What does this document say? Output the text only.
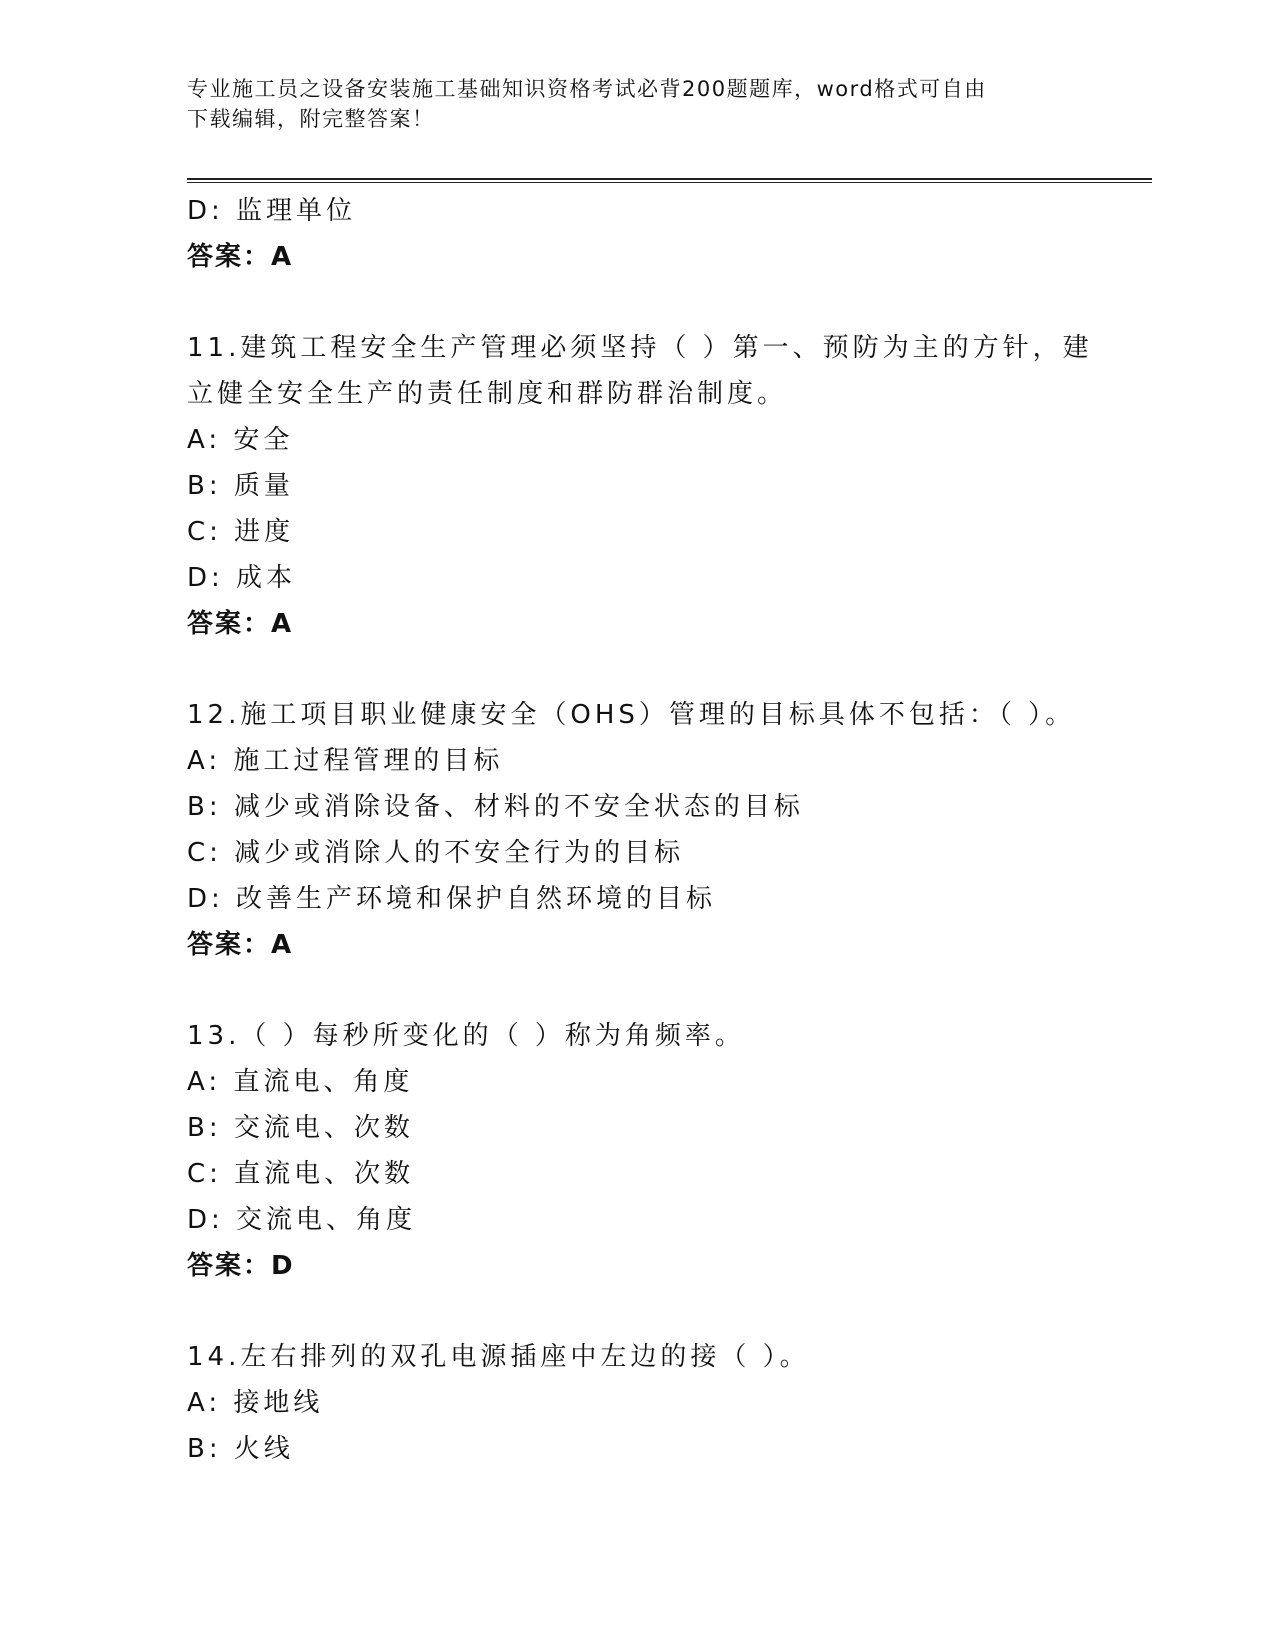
专业施工员之设备安装施工基础知识资格考试必背200题题库，word格式可自由
下载编辑，附完整答案！
D: 监理单位
答案：A
11.建筑工程安全生产管理必须坚持（ ）第一、预防为主的方针，建
立健全安全生产的责任制度和群防群治制度。
A: 安全
B: 质量
C: 进度
D: 成本
答案：A
12.施工项目职业健康安全（OHS）管理的目标具体不包括：（ ）。
A: 施工过程管理的目标
B: 减少或消除设备、材料的不安全状态的目标
C: 减少或消除人的不安全行为的目标
D: 改善生产环境和保护自然环境的目标
答案：A
13.（ ）每秒所变化的（ ）称为角频率。
A: 直流电、角度
B: 交流电、次数
C: 直流电、次数
D: 交流电、角度
答案：D
14.左右排列的双孔电源插座中左边的接（ ）。
A: 接地线
B: 火线
